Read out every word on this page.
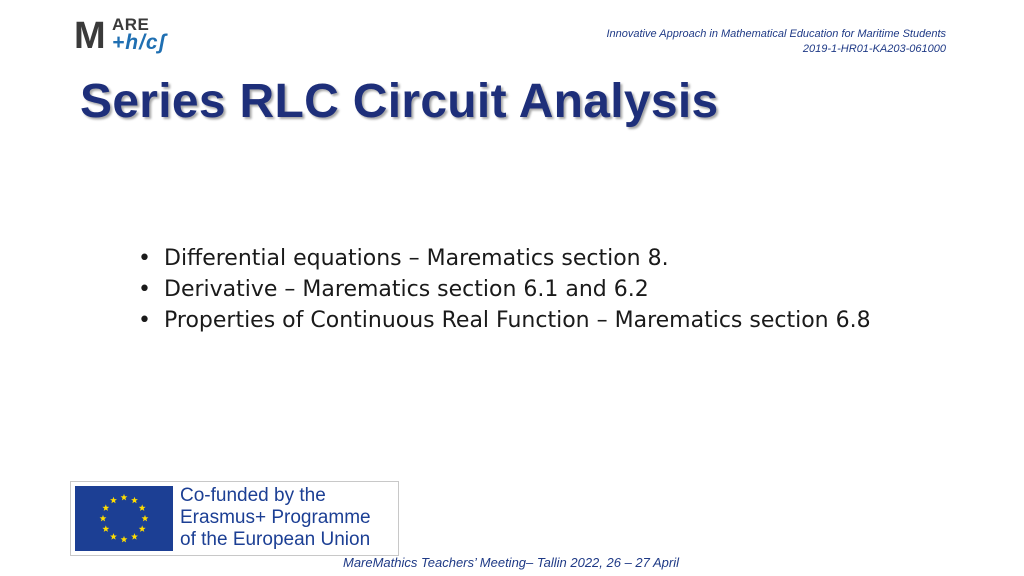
M ARE
+h/cʃ	Innovative Approach in Mathematical Education for Maritime Students
2019-1-HR01-KA203-061000
Series RLC Circuit Analysis
• Differential equations – Marematics section 8.
• Derivative – Marematics section 6.1 and 6.2
• Properties of Continuous Real Function – Marematics section 6.8
Co-funded by the
Erasmus+ Programme
of the European Union
MareMathics Teachers’ Meeting– Tallin 2022, 26 – 27 April
